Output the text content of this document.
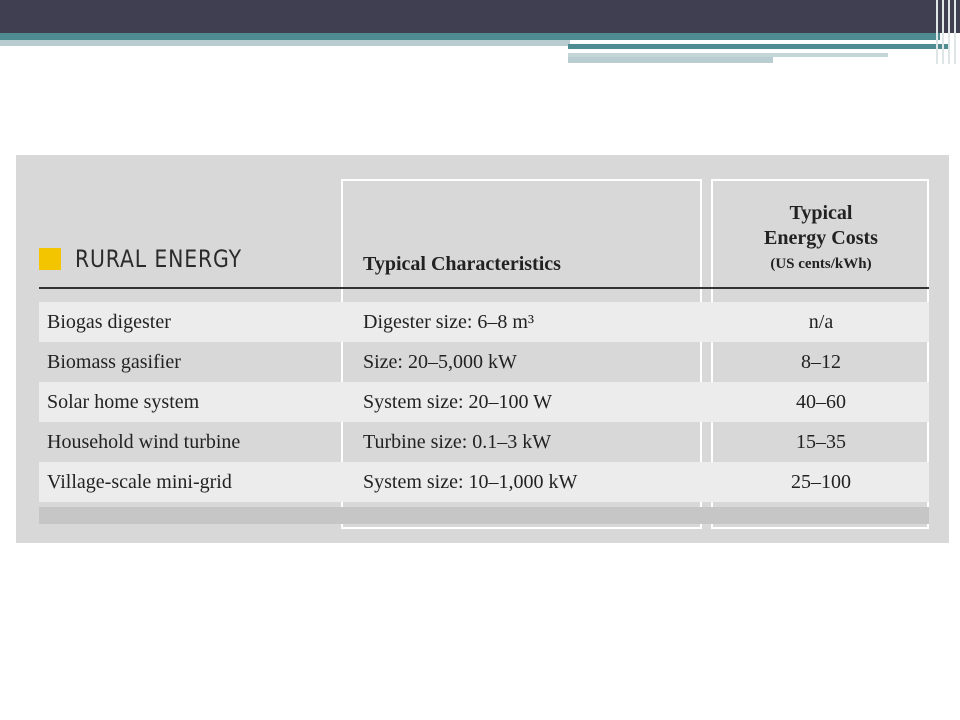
RURAL ENERGY	Typical Characteristics
Typical
Energy Costs
(US cents/kWh)
Biogas digester	Digester size: 6–8 m³	n/a
Biomass gasifier	Size: 20–5,000 kW	8–12
Solar home system	System size: 20–100 W	40–60
Household wind turbine	Turbine size: 0.1–3 kW	15–35
Village-scale mini-grid	System size: 10–1,000 kW	25–100
